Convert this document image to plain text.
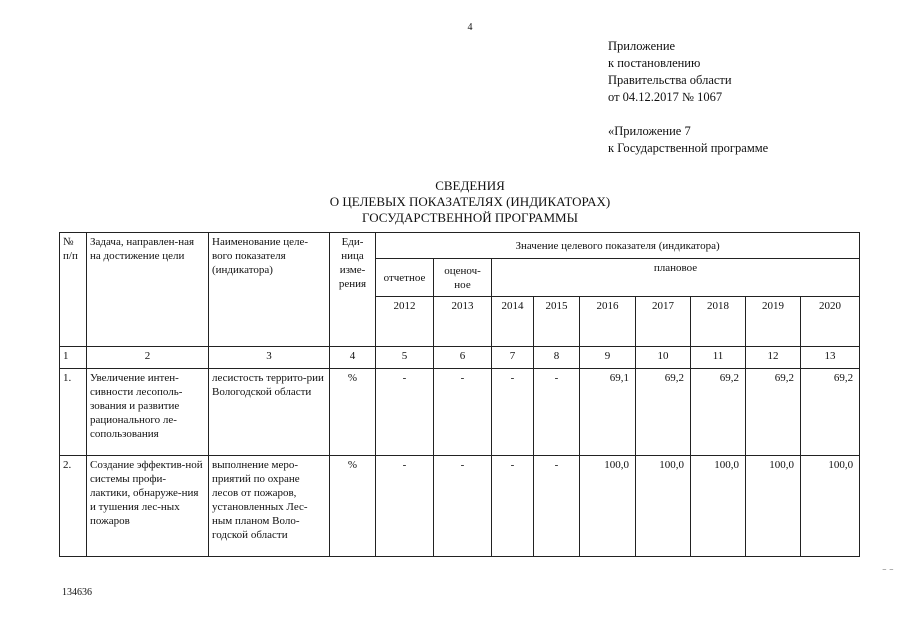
4
Приложение
к постановлению
Правительства области
от 04.12.2017 № 1067
«Приложение 7
к Государственной программе
СВЕДЕНИЯ
О ЦЕЛЕВЫХ ПОКАЗАТЕЛЯХ (ИНДИКАТОРАХ)
ГОСУДАРСТВЕННОЙ ПРОГРАММЫ
№ п/п	Задача, направлен-ная на достижение цели	Наименование целе-вого показателя (индикатора)	Еди-ница изме-рения	Значение целевого показателя (индикатора)								
				отчетное	оценоч-ное	плановое						
				2012	2013	2014	2015	2016	2017	2018	2019	2020
1	2	3	4	5	6	7	8	9	10	11	12	13
1.	Увеличение интен-сивности лесополь-зования и развитие рационального ле-сопользования	лесистость террито-рии Вологодской области	%	-	-	-	-	69,1	69,2	69,2	69,2	69,2
2.	Создание эффектив-ной системы профи-лактики, обнаруже-ния и тушения лес-ных пожаров	выполнение меро-приятий по охране лесов от пожаров, установленных Лес-ным планом Воло-годской области	%	-	-	-	-	100,0	100,0	100,0	100,0	100,0
134636
⁻ ⁻
